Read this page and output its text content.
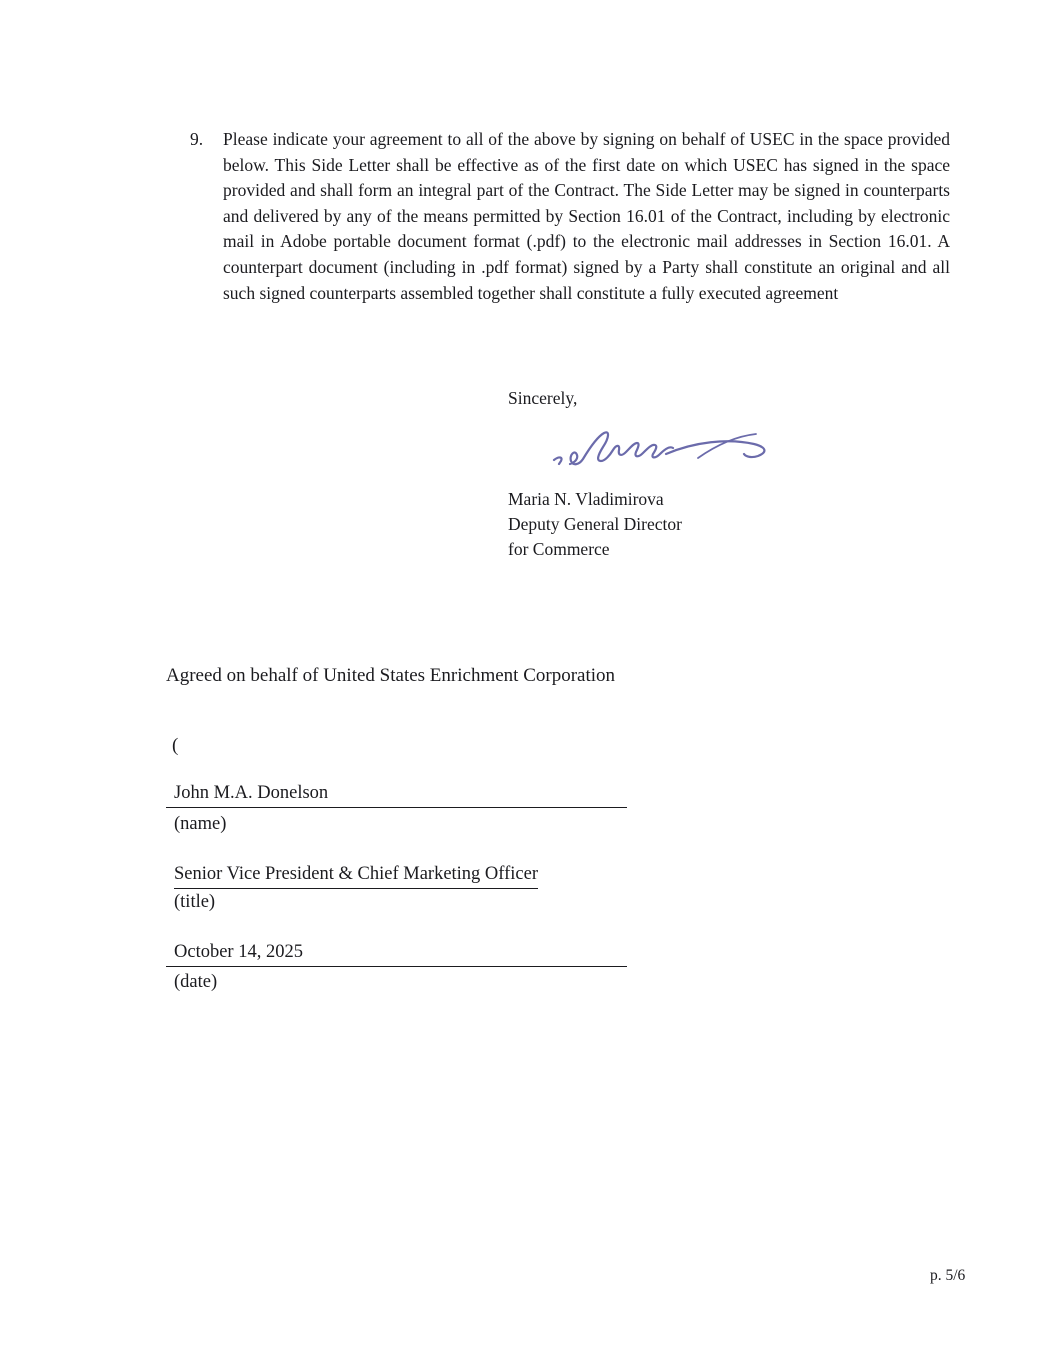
9.	Please indicate your agreement to all of the above by signing on behalf of USEC in the space provided below. This Side Letter shall be effective as of the first date on which USEC has signed in the space provided and shall form an integral part of the Contract. The Side Letter may be signed in counterparts and delivered by any of the means permitted by Section 16.01 of the Contract, including by electronic mail in Adobe portable document format (.pdf) to the electronic mail addresses in Section 16.01. A counterpart document (including in .pdf format) signed by a Party shall constitute an original and all such signed counterparts assembled together shall constitute a fully executed agreement
Sincerely,
Maria N. Vladimirova
Deputy General Director
for Commerce
Agreed on behalf of United States Enrichment Corporation
(
John M.A. Donelson
(name)
Senior Vice President & Chief Marketing Officer
(title)
October 14, 2025
(date)
p. 5/6
